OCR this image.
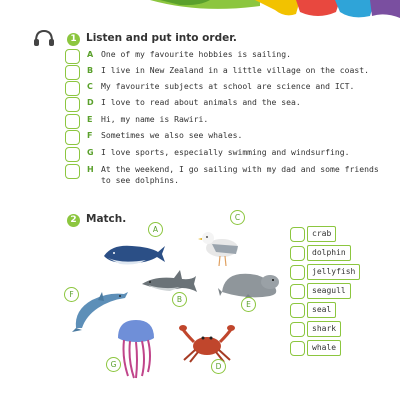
1 Listen and put into order.
A One of my favourite hobbies is sailing.
B I live in New Zealand in a little village on the coast.
C My favourite subjects at school are science and ICT.
D I love to read about animals and the sea.
E Hi, my name is Rawiri.
F Sometimes we also see whales.
G I love sports, especially swimming and windsurfing.
H At the weekend, I go sailing with my dad and some friends to see dolphins.
2 Match.
A
C
B
E
F
G	D
crab
dolphin
jellyfish
seagull
seal
shark
whale
